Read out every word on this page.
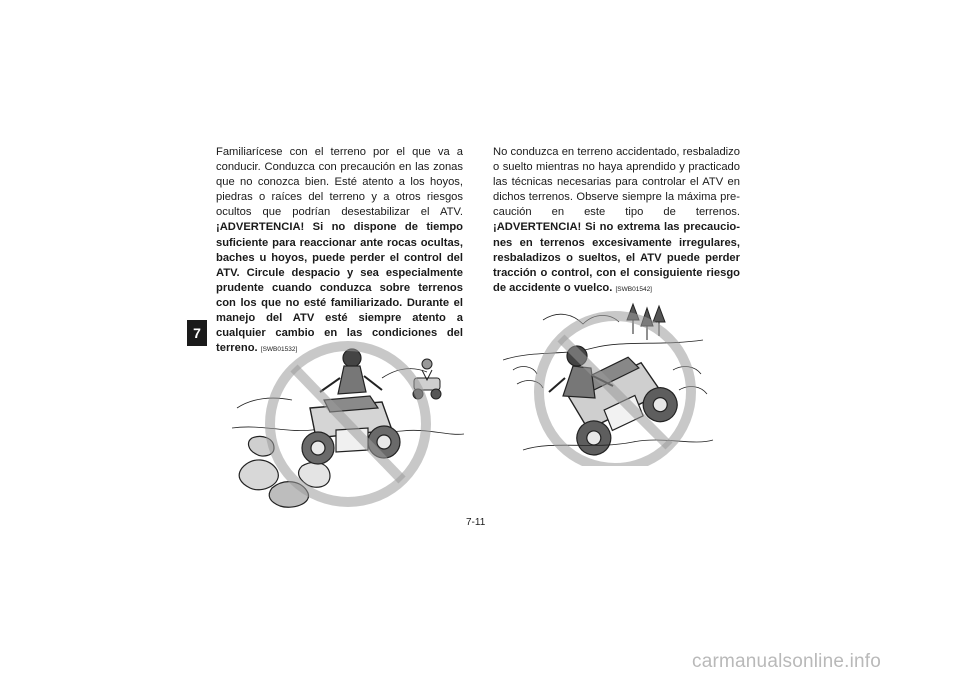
7
Familiarícese con el terreno por el que va a conducir. Conduzca con precaución en las zonas que no conozca bien. Esté atento a los hoyos, piedras o raíces del terreno y a otros riesgos ocultos que podrían desestabilizar el ATV. ¡ADVERTENCIA! Si no dispone de tiempo suficiente para reaccionar ante rocas ocultas, baches u hoyos, puede perder el control del ATV. Circule despacio y sea especialmente prudente cuando conduzca sobre terrenos con los que no esté familiarizado. Durante el manejo del ATV esté siempre atento a cualquier cambio en las condiciones del terreno. [SWB01532]
No conduzca en terreno accidentado, resbaladizo o suelto mientras no haya aprendido y practicado las técnicas necesarias para controlar el ATV en dichos terrenos. Observe siempre la máxima precaución en este tipo de terrenos. ¡ADVERTENCIA! Si no extrema las precauciones en terrenos excesivamente irregulares, resbaladizos o sueltos, el ATV puede perder tracción o control, con el consiguiente riesgo de accidente o vuelco. [SWB01542]
7-11
carmanualsonline.info
